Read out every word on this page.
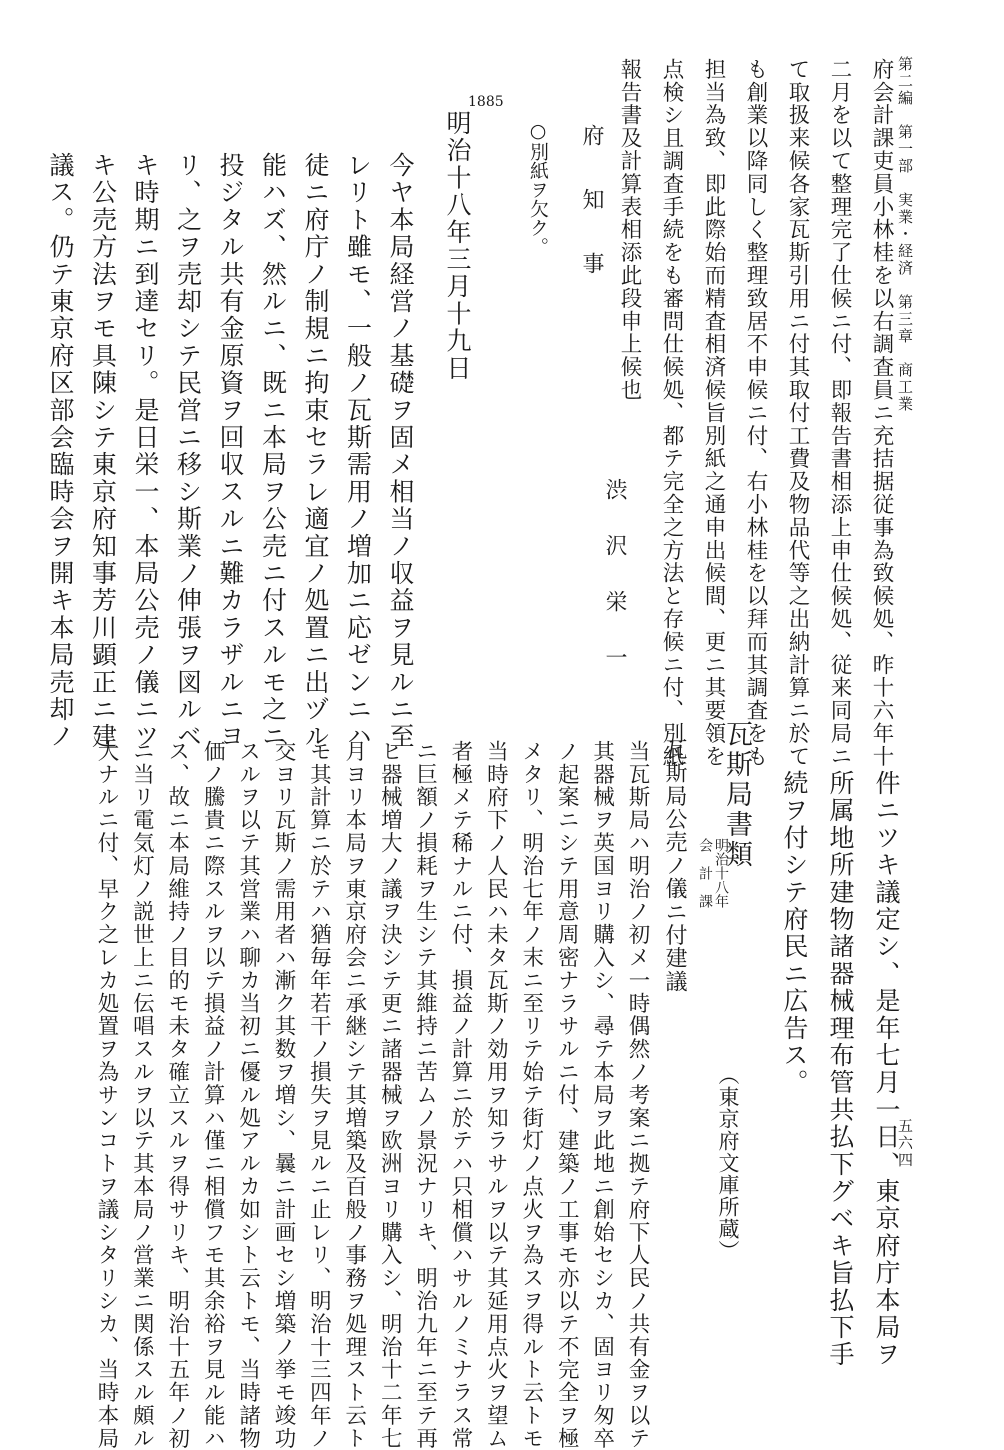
第二編　第一部　実業・経済　第三章　商工業
五六四
府会計課吏員小林桂を以右調査員ニ充拮据従事為致候処、昨十六年十
二月を以て整理完了仕候ニ付、即報告書相添上申仕候処、従来同局ニ
て取扱来候各家瓦斯引用ニ付其取付工費及物品代等之出納計算ニ於て
も創業以降同しく整理致居不申候ニ付、右小林桂を以拜而其調査をも
担当為致、即此際始而精査相済候旨別紙之通申出候間、更ニ其要領を
点検シ且調査手続をも審問仕候処、都テ完全之方法と存候ニ付、別紙
報告書及計算表相添此段申上候也
渋　沢　栄　一
府　知　事
○別紙ヲ欠ク。
1885
明治十八年三月十九日
今ヤ本局経営ノ基礎ヲ固メ相当ノ収益ヲ見ルニ至
レリト雖モ、一般ノ瓦斯需用ノ増加ニ応ゼンニハ
徒ニ府庁ノ制規ニ拘束セラレ適宜ノ処置ニ出ヅル
能ハズ、然ルニ、既ニ本局ヲ公売ニ付スルモ之ニ
投ジタル共有金原資ヲ回収スルニ難カラザルニヨ
リ、之ヲ売却シテ民営ニ移シ斯業ノ伸張ヲ図ルベ
キ時期ニ到達セリ。是日栄一、本局公売ノ儀ニツ
キ公売方法ヲモ具陳シテ東京府知事芳川顕正ニ建
議ス。仍テ東京府区部会臨時会ヲ開キ本局売却ノ
件ニツキ議定シ、是年七月一日、東京府庁本局ヲ
所属地所建物諸器械理布管共払下グベキ旨払下手
続ヲ付シテ府民ニ広告ス。
（東京府文庫所蔵）
瓦斯局書類
明治十八年
会　計　課
瓦斯局公売ノ儀ニ付建議
当瓦斯局ハ明治ノ初メ一時偶然ノ考案ニ拠テ府下人民ノ共有金ヲ以テ
其器械ヲ英国ヨリ購入シ、尋テ本局ヲ此地ニ創始セシカ、固ヨリ匆卒
ノ起案ニシテ用意周密ナラサルニ付、建築ノ工事モ亦以テ不完全ヲ極
メタリ、明治七年ノ末ニ至リテ始テ街灯ノ点火ヲ為スヲ得ルト云トモ
当時府下ノ人民ハ未タ瓦斯ノ効用ヲ知ラサルヲ以テ其延用点火ヲ望ム
者極メテ稀ナルニ付、損益ノ計算ニ於テハ只相償ハサルノミナラス常
ニ巨額ノ損耗ヲ生シテ其維持ニ苦ムノ景況ナリキ、明治九年ニ至テ再
ヒ器械増大ノ議ヲ決シテ更ニ諸器械ヲ欧洲ヨリ購入シ、明治十二年七
月ヨリ本局ヲ東京府会ニ承継シテ其増築及百般ノ事務ヲ処理スト云ト
モ其計算ニ於テハ猶毎年若干ノ損失ヲ見ルニ止レリ、明治十三四年ノ
交ヨリ瓦斯ノ需用者ハ漸ク其数ヲ増シ、曩ニ計画セシ増築ノ挙モ竣功
スルヲ以テ其営業ハ聊カ当初ニ優ル処アルカ如シト云トモ、当時諸物
価ノ騰貴ニ際スルヲ以テ損益ノ計算ハ僅ニ相償フモ其余裕ヲ見ル能ハ
ス、故ニ本局維持ノ目的モ未タ確立スルヲ得サリキ、明治十五年ノ初
ニ当リ電気灯ノ説世上ニ伝唱スルヲ以テ其本局ノ営業ニ関係スル頗ル
大ナルニ付、早ク之レカ処置ヲ為サンコトヲ議シタリシカ、当時本局
